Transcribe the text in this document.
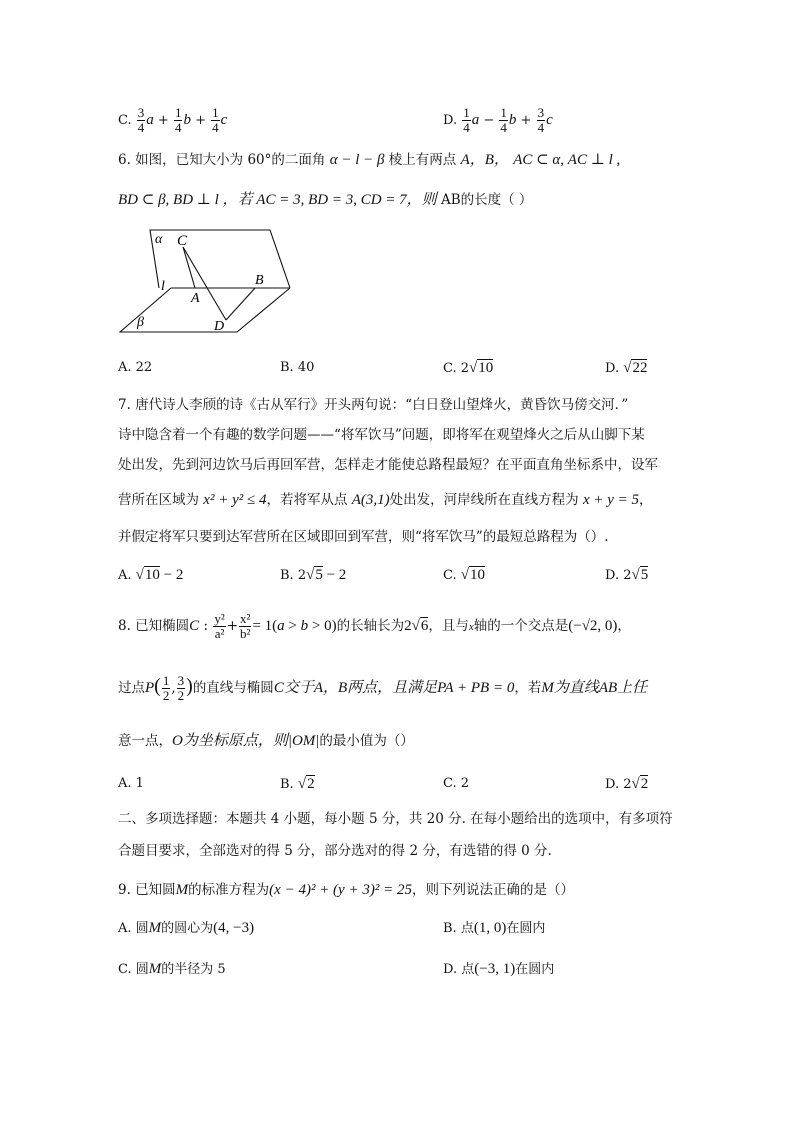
C. $\frac{3}{4}$ $a + \frac{1}{4}$ $b + \frac{1}{4}$ c	D. $\frac{1}{4}$ $a - \frac{1}{4}$ $b + \frac{3}{4}$ c
6. 如图，已知大小为 60°的二面角 α − l − β 棱上有两点 A，B， AC ⊂ α, AC ⊥ l ,
BD ⊂ β, BD ⊥ l ，若 AC = 3, BD = 3, CD = 7，则 AB的长度（ ）
α C
l
A
B
β	D
A. 22	B. 40	C. 2√10	D. √22
7. 唐代诗人李颀的诗《古从军行》开头两句说：“白日登山望烽火，黄昏饮马傍交河．”
诗中隐含着一个有趣的数学问题——“将军饮马”问题，即将军在观望烽火之后从山脚下某
处出发，先到河边饮马后再回军营，怎样走才能使总路程最短？在平面直角坐标系中，设军
营所在区域为 x² + y² ≤ 4，若将军从点 A(3,1)处出发，河岸线所在直线方程为 x + y = 5，
并假定将军只要到达军营所在区域即回到军营，则“将军饮马”的最短总路程为（）.
A. √10 − 2	B. 2√5 − 2	C. √10	D. 2√5
8. 已知椭圆C : $\frac{\text{y²}}{\text{a²}} + \frac{\text{x²}}{\text{b²}} = 1(a > b > 0)$的长轴长为2√6，且与x轴的一个交点是(−√2, 0)，
过点$P( \frac{1}{2}$ , $\frac{3}{2}$ )的直线与椭圆C交于A，B两点，且满足PA + PB = 0，若M为直线AB上任
意一点，O为坐标原点，则|OM|的最小值为（）
A. 1	B. √2	C. 2	D. 2√2
二、多项选择题：本题共 4 小题，每小题 5 分，共 20 分. 在每小题给出的选项中，有多项符
合题目要求，全部选对的得 5 分，部分选对的得 2 分，有选错的得 0 分.
9. 已知圆M的标准方程为(x − 4)² + (y + 3)² = 25，则下列说法正确的是（）
A. 圆M的圆心为(4, −3)	B. 点(1, 0)在圆内
C. 圆M的半径为 5	D. 点(−3, 1)在圆内
